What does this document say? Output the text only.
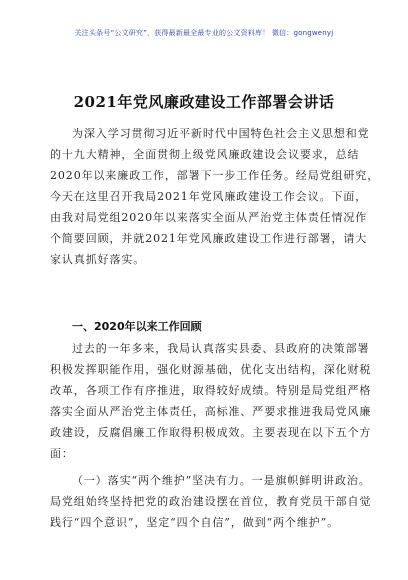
关注头条号“公文研究”，获得最新最全最专业的公文资料库！ 微信：gongwenyj
2021年党风廉政建设工作部署会讲话
为深入学习贯彻习近平新时代中国特色社会主义思想和党
的十九大精神，全面贯彻上级党风廉政建设会议要求，总结
2020年以来廉政工作，部署下一步工作任务。经局党组研究，
今天在这里召开我局2021年党风廉政建设工作会议。下面，
由我对局党组2020年以来落实全面从严治党主体责任情况作
个简要回顾，并就2021年党风廉政建设工作进行部署，请大
家认真抓好落实。
一、2020年以来工作回顾
过去的一年多来，我局认真落实县委、县政府的决策部署
积极发挥职能作用，强化财源基础，优化支出结构，深化财税
改革，各项工作有序推进，取得较好成绩。特别是局党组严格
落实全面从严治党主体责任，高标准、严要求推进我局党风廉
政建设，反腐倡廉工作取得积极成效。主要表现在以下五个方
面：
（一）落实“两个维护”坚决有力。一是旗帜鲜明讲政治。
局党组始终坚持把党的政治建设摆在首位，教育党员干部自觉
践行“四个意识”，坚定“四个自信”，做到“两个维护”。
